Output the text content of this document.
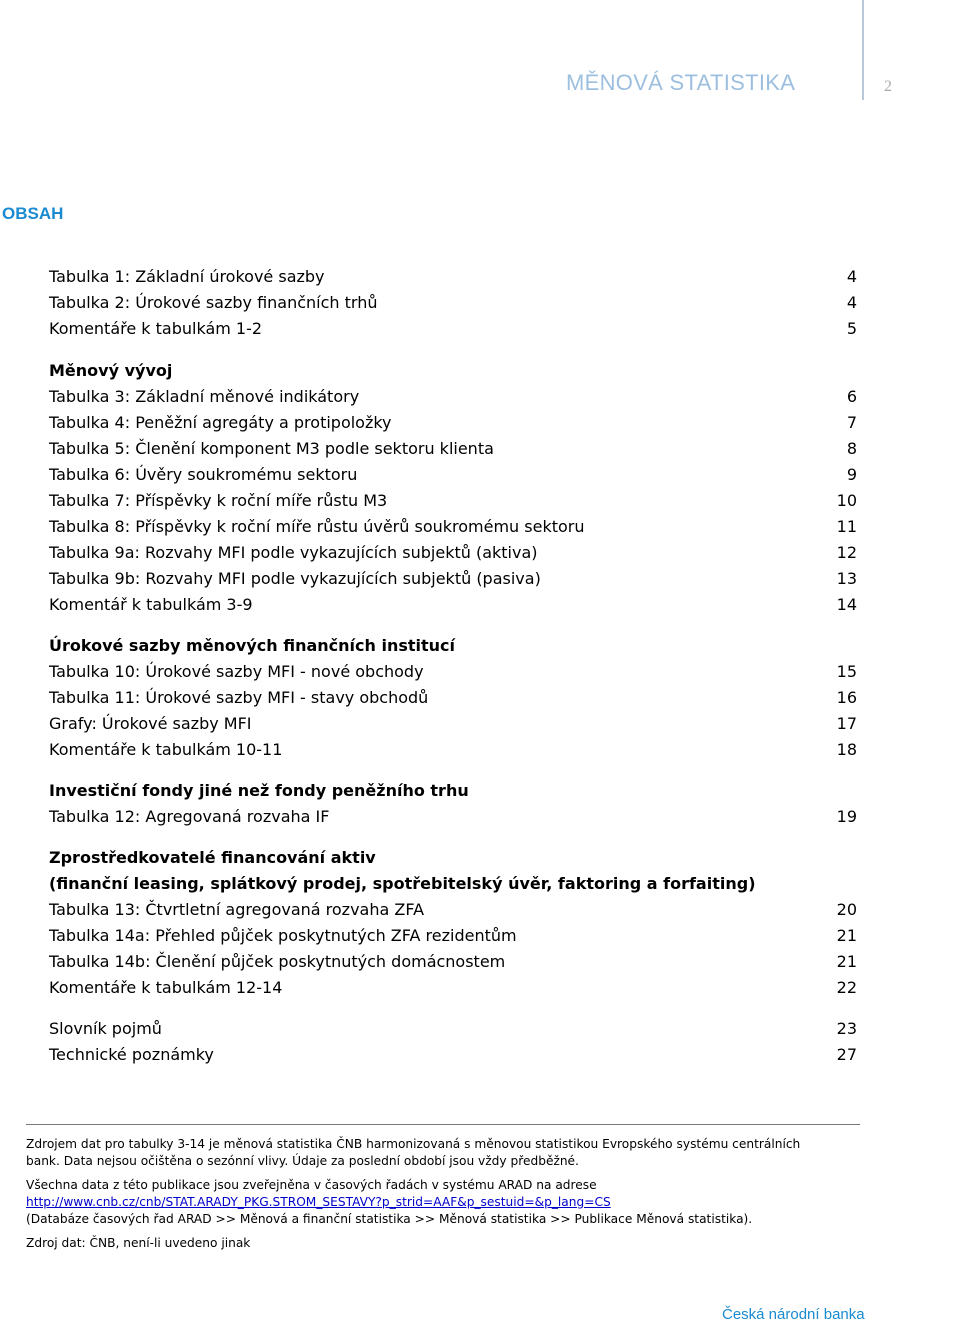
MĚNOVÁ STATISTIKA	2
OBSAH
Tabulka 1: Základní úrokové sazby	4
Tabulka 2: Úrokové sazby finančních trhů	4
Komentáře k tabulkám 1-2	5
Měnový vývoj
Tabulka 3: Základní měnové indikátory	6
Tabulka 4: Peněžní agregáty a protipoložky	7
Tabulka 5: Členění komponent M3 podle sektoru klienta	8
Tabulka 6: Úvěry soukromému sektoru	9
Tabulka 7: Příspěvky k roční míře růstu M3	10
Tabulka 8: Příspěvky k roční míře růstu úvěrů soukromému sektoru	11
Tabulka 9a: Rozvahy MFI podle vykazujících subjektů (aktiva)	12
Tabulka 9b: Rozvahy MFI podle vykazujících subjektů (pasiva)	13
Komentář k tabulkám 3-9	14
Úrokové sazby měnových finančních institucí
Tabulka 10: Úrokové sazby MFI - nové obchody	15
Tabulka 11: Úrokové sazby MFI - stavy obchodů	16
Grafy: Úrokové sazby MFI	17
Komentáře k tabulkám 10-11	18
Investiční fondy jiné než fondy peněžního trhu
Tabulka 12: Agregovaná rozvaha IF	19
Zprostředkovatelé financování aktiv
(finanční leasing, splátkový prodej, spotřebitelský úvěr, faktoring a forfaiting)
Tabulka 13: Čtvrtletní agregovaná rozvaha ZFA	20
Tabulka 14a: Přehled půjček poskytnutých ZFA rezidentům	21
Tabulka 14b: Členění půjček poskytnutých domácnostem	21
Komentáře k tabulkám 12-14	22
Slovník pojmů	23
Technické poznámky	27
Zdrojem dat pro tabulky 3-14 je měnová statistika ČNB harmonizovaná s měnovou statistikou Evropského systému centrálních
bank. Data nejsou očištěna o sezónní vlivy. Údaje za poslední období jsou vždy předběžné.
Všechna data z této publikace jsou zveřejněna v časových řadách v systému ARAD na adrese
http://www.cnb.cz/cnb/STAT.ARADY_PKG.STROM_SESTAVY?p_strid=AAF&p_sestuid=&p_lang=CS
(Databáze časových řad ARAD >> Měnová a finanční statistika >> Měnová statistika >> Publikace Měnová statistika).
Zdroj dat: ČNB, není-li uvedeno jinak
Česká národní banka
